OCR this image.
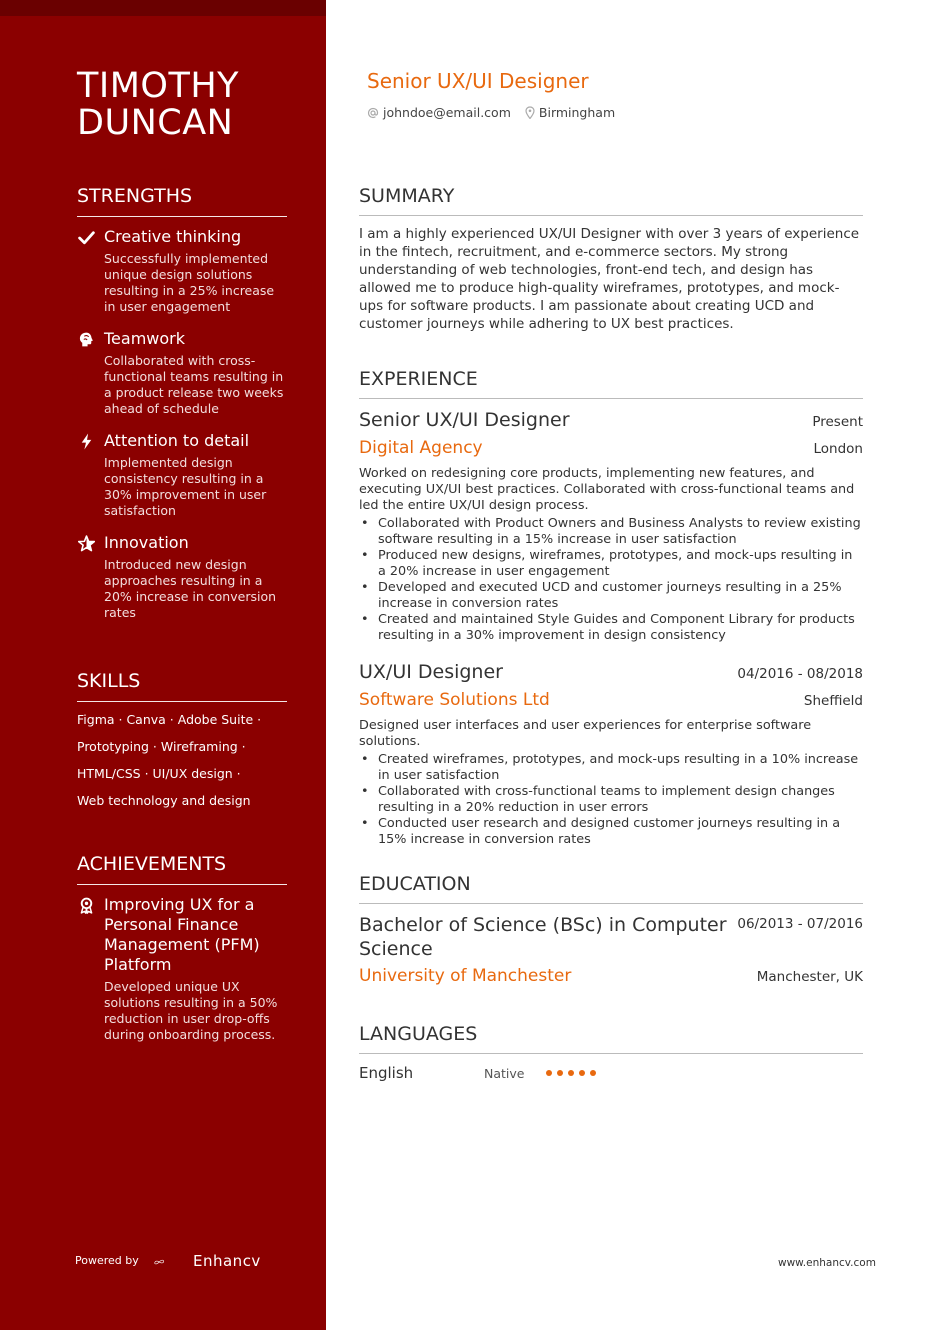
TIMOTHY DUNCAN
STRENGTHS
Creative thinking
Successfully implemented unique design solutions resulting in a 25% increase in user engagement
Teamwork
Collaborated with cross-functional teams resulting in a product release two weeks ahead of schedule
Attention to detail
Implemented design consistency resulting in a 30% improvement in user satisfaction
Innovation
Introduced new design approaches resulting in a 20% increase in conversion rates
SKILLS
Figma · Canva · Adobe Suite ·
Prototyping · Wireframing ·
HTML/CSS · UI/UX design ·
Web technology and design
ACHIEVEMENTS
Improving UX for a Personal Finance Management (PFM) Platform
Developed unique UX solutions resulting in a 50% reduction in user drop-offs during onboarding process.
Powered by	Enhancv
Senior UX/UI Designer
johndoe@email.com Birmingham
SUMMARY
I am a highly experienced UX/UI Designer with over 3 years of experience in the fintech, recruitment, and e-commerce sectors. My strong understanding of web technologies, front-end tech, and design has allowed me to produce high-quality wireframes, prototypes, and mock-ups for software products. I am passionate about creating UCD and customer journeys while adhering to UX best practices.
EXPERIENCE
Senior UX/UI Designer	Present
Digital Agency	London
Worked on redesigning core products, implementing new features, and executing UX/UI best practices. Collaborated with cross-functional teams and led the entire UX/UI design process.
• Collaborated with Product Owners and Business Analysts to review existing software resulting in a 15% increase in user satisfaction
• Produced new designs, wireframes, prototypes, and mock-ups resulting in a 20% increase in user engagement
• Developed and executed UCD and customer journeys resulting in a 25% increase in conversion rates
• Created and maintained Style Guides and Component Library for products resulting in a 30% improvement in design consistency
UX/UI Designer	04/2016 - 08/2018
Software Solutions Ltd	Sheffield
Designed user interfaces and user experiences for enterprise software solutions.
• Created wireframes, prototypes, and mock-ups resulting in a 10% increase in user satisfaction
• Collaborated with cross-functional teams to implement design changes resulting in a 20% reduction in user errors
• Conducted user research and designed customer journeys resulting in a 15% increase in conversion rates
EDUCATION
Bachelor of Science (BSc) in Computer Science
06/2013 - 07/2016
University of Manchester	Manchester, UK
LANGUAGES
English	Native
www.enhancv.com
